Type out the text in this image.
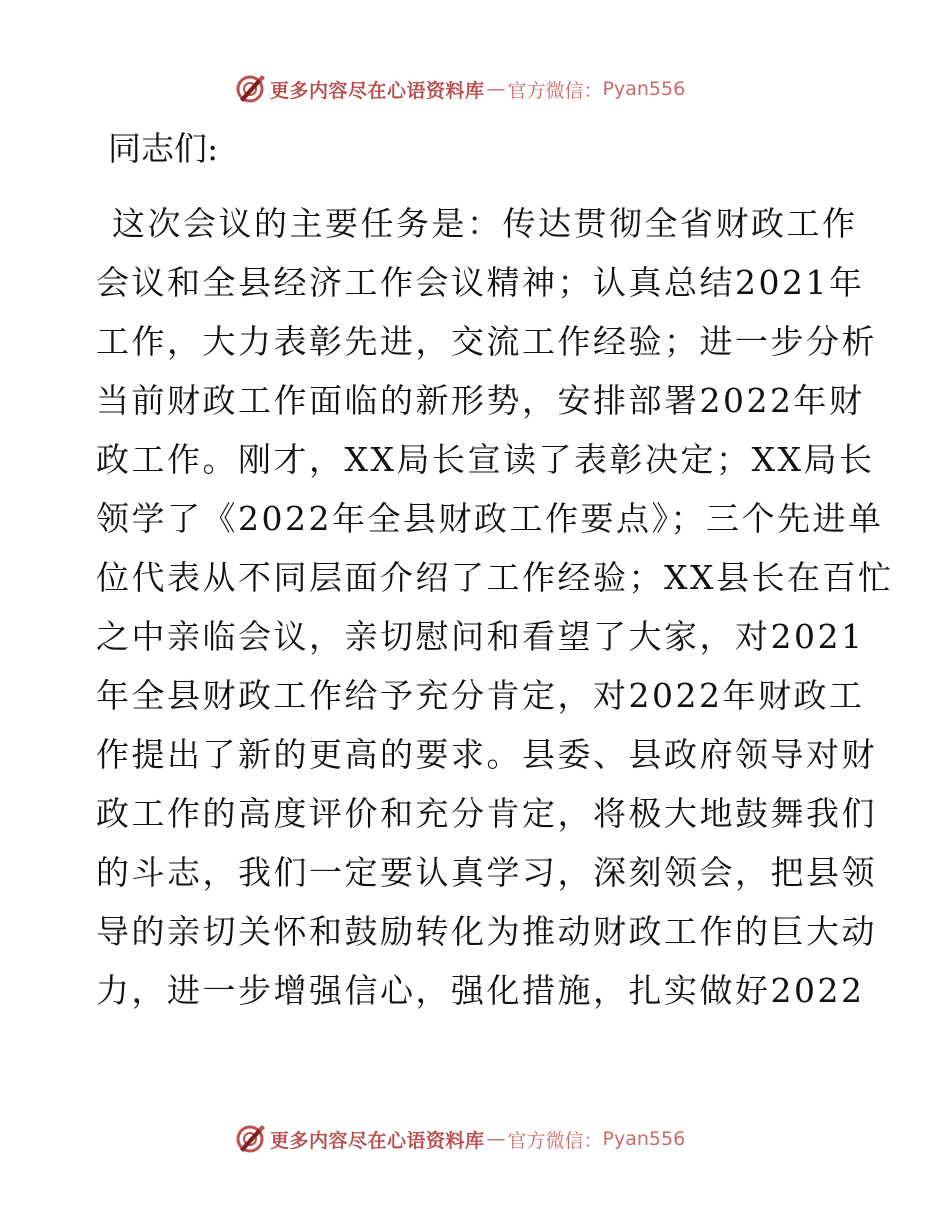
更多内容尽在心语资料库 — 官方微信： Pyan556

同志们:

这次会议的主要任务是：传达贯彻全省财政工作
会议和全县经济工作会议精神；认真总结2021年
工作，大力表彰先进，交流工作经验；进一步分析
当前财政工作面临的新形势，安排部署2022年财
政工作。刚才，XX局长宣读了表彰决定；XX局长
领学了《2022年全县财政工作要点》；三个先进单
位代表从不同层面介绍了工作经验；XX县长在百忙
之中亲临会议，亲切慰问和看望了大家，对2021
年全县财政工作给予充分肯定，对2022年财政工
作提出了新的更高的要求。县委、县政府领导对财
政工作的高度评价和充分肯定，将极大地鼓舞我们
的斗志，我们一定要认真学习，深刻领会，把县领
导的亲切关怀和鼓励转化为推动财政工作的巨大动
力，进一步增强信心，强化措施，扎实做好2022
更多内容尽在心语资料库 — 官方微信： Pyan556
